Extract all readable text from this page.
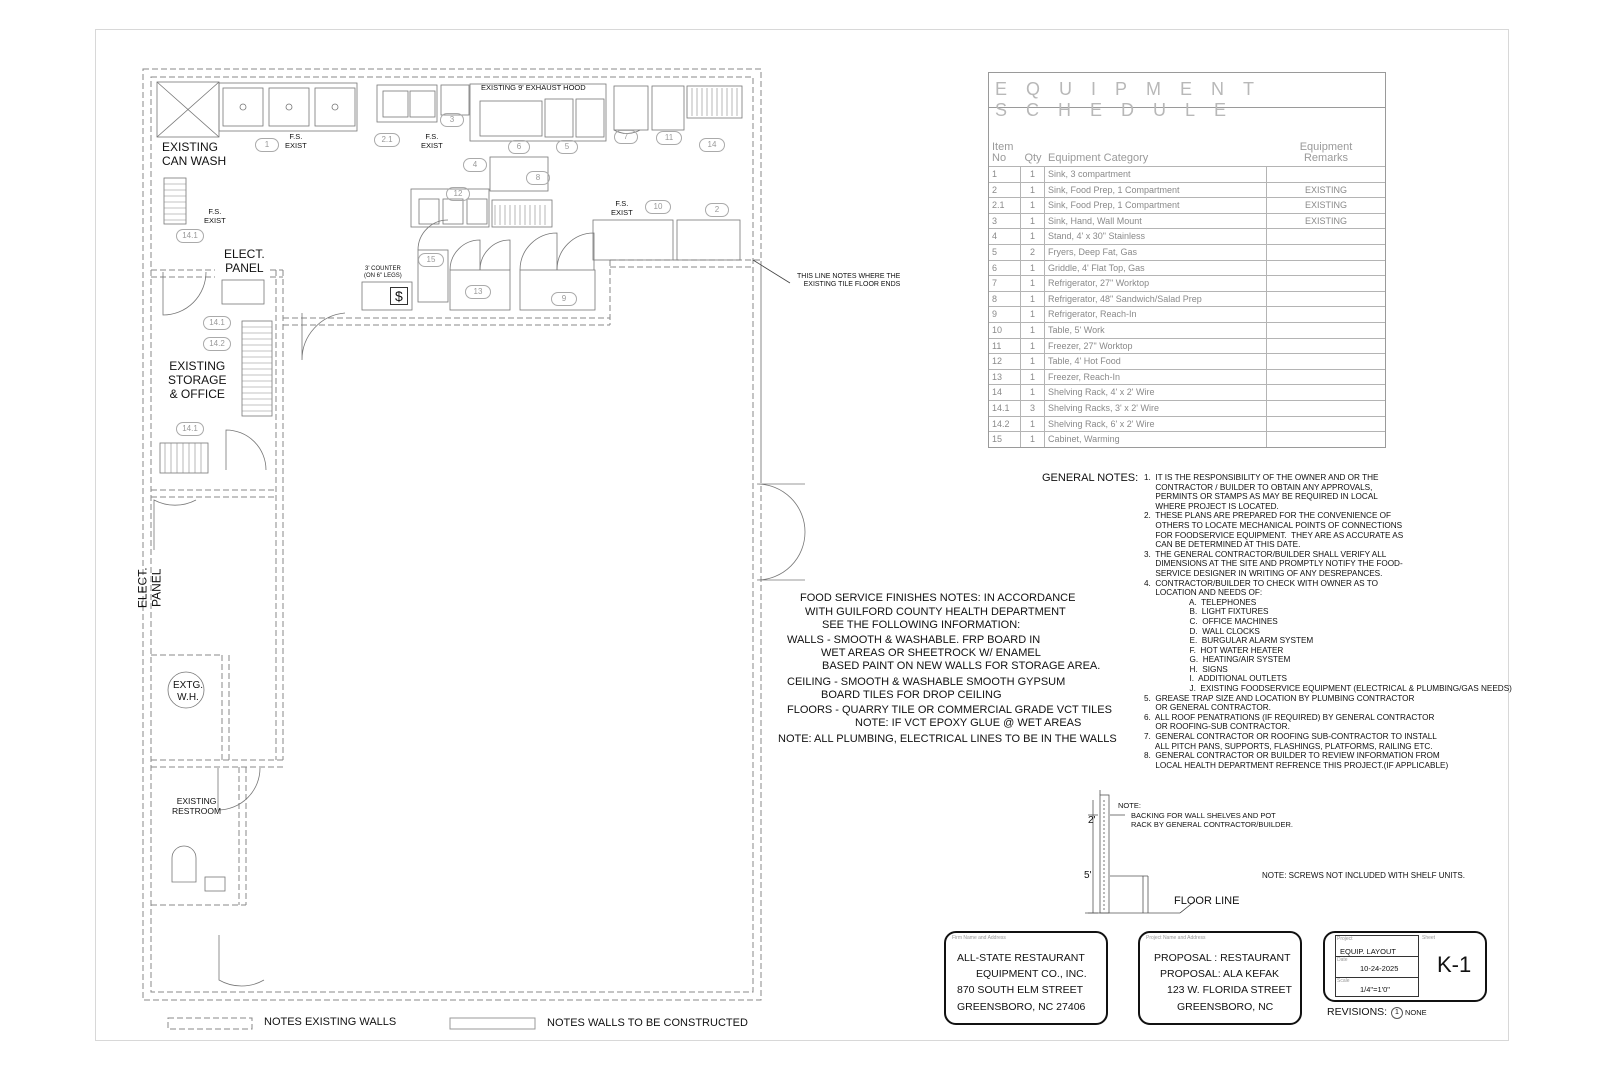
EXISTING
CAN WASH
ELECT.
PANEL
EXISTING
STORAGE
& OFFICE
ELECT. PANEL
EXTG.
W.H.
EXISTING
RESTROOM
EXISTING 9' EXHAUST HOOD
3' COUNTER
(ON 6" LEGS)
$
F.S.
EXIST
F.S.
EXIST
F.S.
EXIST
F.S.
EXIST
THIS LINE NOTES WHERE THE
EXISTING TILE FLOOR ENDS
1
2.1
3
4
6	5
7	11
14
8
12
10	2
15
13
9
14.1
14.1
14.2
14.1
NOTES EXISTING WALLS	NOTES WALLS TO BE CONSTRUCTED
EQUIPMENT SCHEDULE
Item
No	Qty Equipment Category
Equipment
Remarks
1	1	Sink, 3 compartment
2	1	Sink, Food Prep, 1 Compartment	EXISTING
2.1	1	Sink, Food Prep, 1 Compartment	EXISTING
3	1	Sink, Hand, Wall Mount	EXISTING
4	1	Stand, 4' x 30" Stainless
5	2	Fryers, Deep Fat, Gas
6	1	Griddle, 4' Flat Top, Gas
7	1	Refrigerator, 27" Worktop
8	1	Refrigerator, 48" Sandwich/Salad Prep
9	1	Refrigerator, Reach-In
10	1	Table, 5' Work
11	1	Freezer, 27" Worktop
12	1	Table, 4' Hot Food
13	1	Freezer, Reach-In
14	1	Shelving Rack, 4' x 2' Wire
14.1	3	Shelving Racks, 3' x 2' Wire
14.2	1	Shelving Rack, 6' x 2' Wire
15	1	Cabinet, Warming
GENERAL NOTES: 1.  IT IS THE RESPONSIBILITY OF THE OWNER AND OR THE
CONTRACTOR / BUILDER TO OBTAIN ANY APPROVALS,
PERMINTS OR STAMPS AS MAY BE REQUIRED IN LOCAL
WHERE PROJECT IS LOCATED.
2.  THESE PLANS ARE PREPARED FOR THE CONVENIENCE OF
OTHERS TO LOCATE MECHANICAL POINTS OF CONNECTIONS
FOR FOODSERVICE EQUIPMENT.  THEY ARE AS ACCURATE AS
CAN BE DETERMINED AT THIS DATE.
3.  THE GENERAL CONTRACTOR/BUILDER SHALL VERIFY ALL
DIMENSIONS AT THE SITE AND PROMPTLY NOTIFY THE FOOD-
SERVICE DESIGNER IN WRITING OF ANY DESREPANCES.
4.  CONTRACTOR/BUILDER TO CHECK WITH OWNER AS TO
LOCATION AND NEEDS OF:
A.  TELEPHONES
B.  LIGHT FIXTURES
C.  OFFICE MACHINES
D.  WALL CLOCKS
E.  BURGULAR ALARM SYSTEM
F.  HOT WATER HEATER
G.  HEATING/AIR SYSTEM
H.  SIGNS
I.  ADDITIONAL OUTLETS
J.  EXISTING FOODSERVICE EQUIPMENT (ELECTRICAL & PLUMBING/GAS NEEDS)
5.  GREASE TRAP SIZE AND LOCATION BY PLUMBING CONTRACTOR
OR GENERAL CONTRACTOR.
6.  ALL ROOF PENATRATIONS (IF REQUIRED) BY GENERAL CONTRACTOR
OR ROOFING-SUB CONTRACTOR.
7.  GENERAL CONTRACTOR OR ROOFING SUB-CONTRACTOR TO INSTALL
ALL PITCH PANS, SUPPORTS, FLASHINGS, PLATFORMS, RAILING ETC.
8.  GENERAL CONTRACTOR OR BUILDER TO REVIEW INFORMATION FROM
LOCAL HEALTH DEPARTMENT REFRENCE THIS PROJECT.(IF APPLICABLE)
FOOD SERVICE FINISHES NOTES: IN ACCORDANCE
WITH GUILFORD COUNTY HEALTH DEPARTMENT
SEE THE FOLLOWING INFORMATION:
WALLS - SMOOTH & WASHABLE. FRP BOARD IN
WET AREAS OR SHEETROCK W/ ENAMEL
BASED PAINT ON NEW WALLS FOR STORAGE AREA.
CEILING - SMOOTH & WASHABLE SMOOTH GYPSUM
BOARD TILES FOR DROP CEILING
FLOORS - QUARRY TILE OR COMMERCIAL GRADE VCT TILES
NOTE: IF VCT EPOXY GLUE @ WET AREAS
NOTE: ALL PLUMBING, ELECTRICAL LINES TO BE IN THE WALLS
NOTE:
BACKING FOR WALL SHELVES AND POT
RACK BY GENERAL CONTRACTOR/BUILDER.
2'
5'
FLOOR LINE
NOTE: SCREWS NOT INCLUDED WITH SHELF UNITS.
Firm Name and Address
ALL-STATE RESTAURANT
EQUIPMENT CO., INC.
870 SOUTH ELM STREET
GREENSBORO, NC 27406
Project Name and Address
PROPOSAL : RESTAURANT
PROPOSAL: ALA KEFAK
123 W. FLORIDA STREET
GREENSBORO, NC
Project
EQUIP. LAYOUT
Date
10-24-2025
Scale
1/4"=1'0"
Sheet
K-1
REVISIONS:	1 NONE
